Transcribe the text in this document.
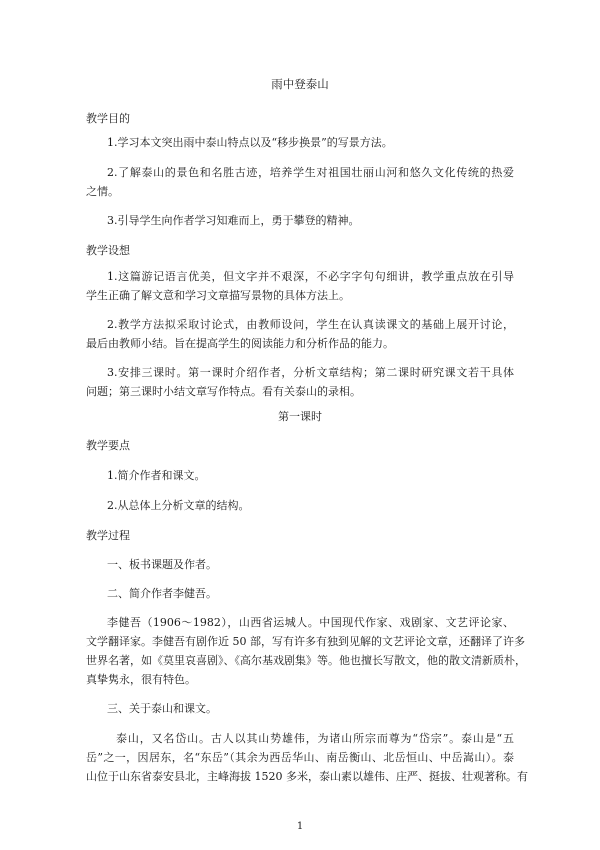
雨中登泰山
教学目的
1.学习本文突出雨中泰山特点以及“移步换景”的写景方法。
2.了解泰山的景色和名胜古迹，培养学生对祖国壮丽山河和悠久文化传统的热爱
之情。
3.引导学生向作者学习知难而上，勇于攀登的精神。
教学设想
1.这篇游记语言优美，但文字并不艰深，不必字字句句细讲，教学重点放在引导
学生正确了解文意和学习文章描写景物的具体方法上。
2.教学方法拟采取讨论式，由教师设问，学生在认真读课文的基础上展开讨论，
最后由教师小结。旨在提高学生的阅读能力和分析作品的能力。
3.安排三课时。第一课时介绍作者，分析文章结构；第二课时研究课文若干具体
问题；第三课时小结文章写作特点。看有关泰山的录相。
第一课时
教学要点
1.简介作者和课文。
2.从总体上分析文章的结构。
教学过程
一、板书课题及作者。
二、简介作者李健吾。
李健吾（1906～1982），山西省运城人。中国现代作家、戏剧家、文艺评论家、
文学翻译家。李健吾有剧作近 50 部，写有许多有独到见解的文艺评论文章，还翻译了许多
世界名著，如《莫里哀喜剧》、《高尔基戏剧集》等。他也擅长写散文，他的散文清新质朴，
真挚隽永，很有特色。
三、关于泰山和课文。
泰山，又名岱山。古人以其山势雄伟，为诸山所宗而尊为“岱宗”。泰山是“五
岳”之一，因居东，名“东岳”（其余为西岳华山、南岳衡山、北岳恒山、中岳嵩山）。泰
山位于山东省泰安县北，主峰海拔 1520 多米，泰山素以雄伟、庄严、挺拔、壮观著称。有
1
